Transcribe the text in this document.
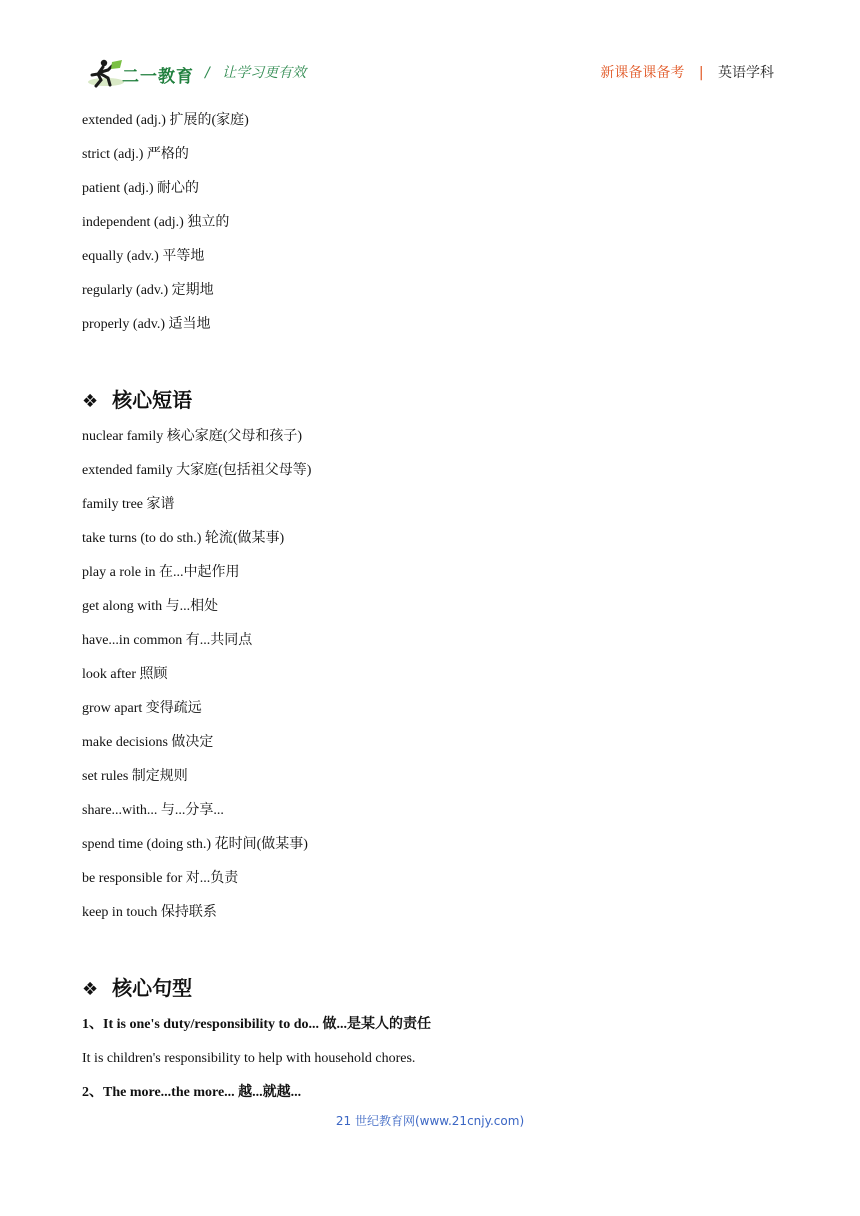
二一教育 / 让学习更有效	新课备课备考 | 英语学科
extended (adj.) 扩展的(家庭)
strict (adj.) 严格的
patient (adj.) 耐心的
independent (adj.) 独立的
equally (adv.) 平等地
regularly (adv.) 定期地
properly (adv.) 适当地
❖ 核心短语
nuclear family 核心家庭(父母和孩子)
extended family 大家庭(包括祖父母等)
family tree 家谱
take turns (to do sth.) 轮流(做某事)
play a role in 在...中起作用
get along with 与...相处
have...in common 有...共同点
look after 照顾
grow apart 变得疏远
make decisions 做决定
set rules 制定规则
share...with... 与...分享...
spend time (doing sth.) 花时间(做某事)
be responsible for 对...负责
keep in touch 保持联系
❖ 核心句型
1、It is one's duty/responsibility to do... 做...是某人的责任
It is children's responsibility to help with household chores.
2、The more...the more... 越...就越...
21 世纪教育网(www.21cnjy.com)
